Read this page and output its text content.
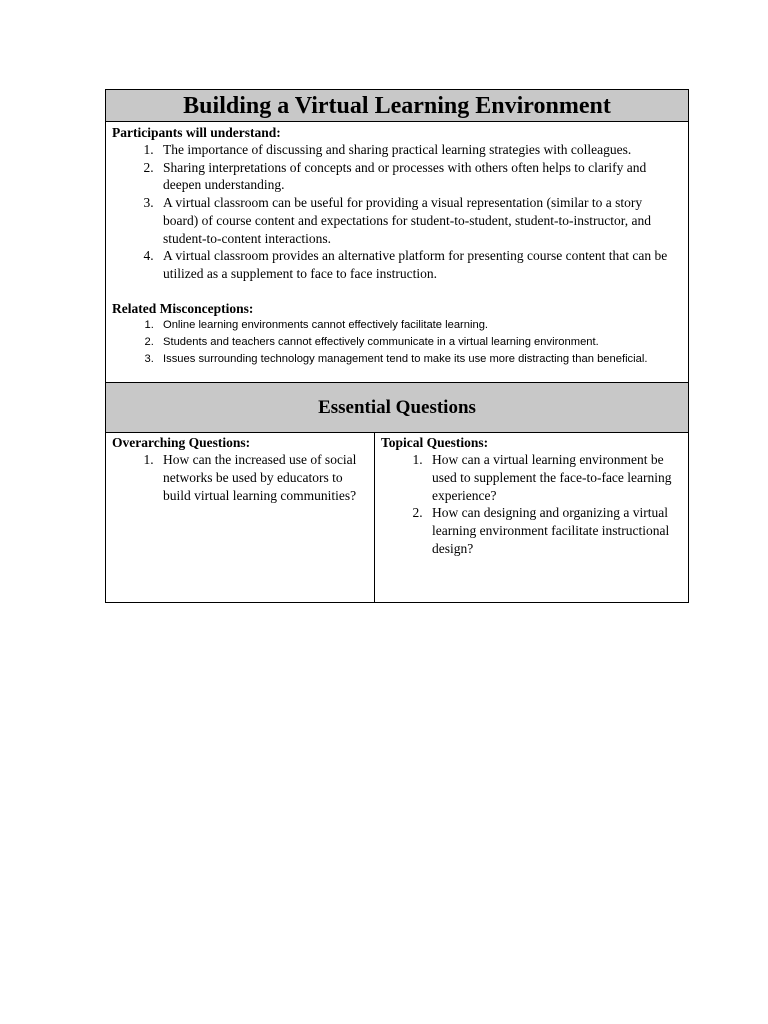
Building a Virtual Learning Environment

Participants will understand:

1. The importance of discussing and sharing practical learning strategies with colleagues.
2. Sharing interpretations of concepts and or processes with others often helps to clarify and deepen understanding.
3. A virtual classroom can be useful for providing a visual representation (similar to a story board) of course content and expectations for student-to-student, student-to-instructor, and student-to-content interactions.
4. A virtual classroom provides an alternative platform for presenting course content that can be utilized as a supplement to face to face instruction.

Related Misconceptions:

1. Online learning environments cannot effectively facilitate learning.
2. Students and teachers cannot effectively communicate in a virtual learning environment.
3. Issues surrounding technology management tend to make its use more distracting than beneficial.
Essential Questions

Overarching Questions:

1. How can the increased use of social networks be used by educators to build virtual learning communities?

Topical Questions:

1. How can a virtual learning environment be used to supplement the face-to-face learning experience?
2. How can designing and organizing a virtual learning environment facilitate instructional design?
